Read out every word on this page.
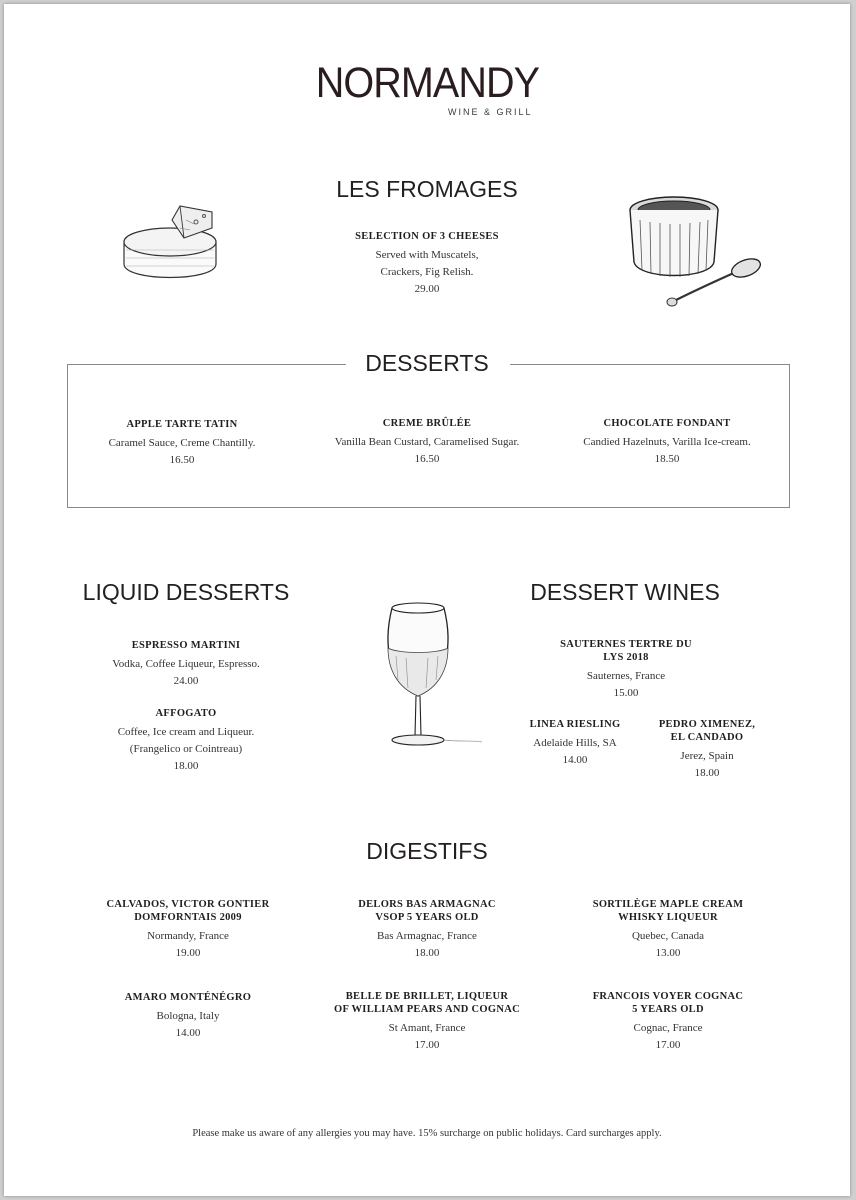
NORMANDY
WINE & GRILL
LES FROMAGES
SELECTION OF 3 CHEESES
Served with Muscatels,
Crackers, Fig Relish.
29.00
DESSERTS
APPLE TARTE TATIN
Caramel Sauce, Creme Chantilly.
16.50
CREME BRÛLÉE
Vanilla Bean Custard, Caramelised Sugar.
16.50
CHOCOLATE FONDANT
Candied Hazelnuts, Varilla Ice-cream.
18.50
LIQUID DESSERTS
ESPRESSO MARTINI
Vodka, Coffee Liqueur, Espresso.
24.00
AFFOGATO
Coffee, Ice cream and Liqueur.
(Frangelico or Cointreau)
18.00
DESSERT WINES
SAUTERNES TERTRE DU
LYS 2018
Sauternes, France
15.00
LINEA RIESLING
Adelaide Hills, SA
14.00
PEDRO XIMENEZ,
EL CANDADO
Jerez, Spain
18.00
DIGESTIFS
CALVADOS, VICTOR GONTIER
DOMFORNTAIS 2009
Normandy, France
19.00
DELORS BAS ARMAGNAC
VSOP 5 YEARS OLD
Bas Armagnac, France
18.00
SORTILÈGE MAPLE CREAM
WHISKY LIQUEUR
Quebec, Canada
13.00
AMARO MONTÉNÉGRO
Bologna, Italy
14.00
BELLE DE BRILLET, LIQUEUR
OF WILLIAM PEARS AND COGNAC
St Amant, France
17.00
FRANCOIS VOYER COGNAC
5 YEARS OLD
Cognac, France
17.00
Please make us aware of any allergies you may have. 15% surcharge on public holidays. Card surcharges apply.
